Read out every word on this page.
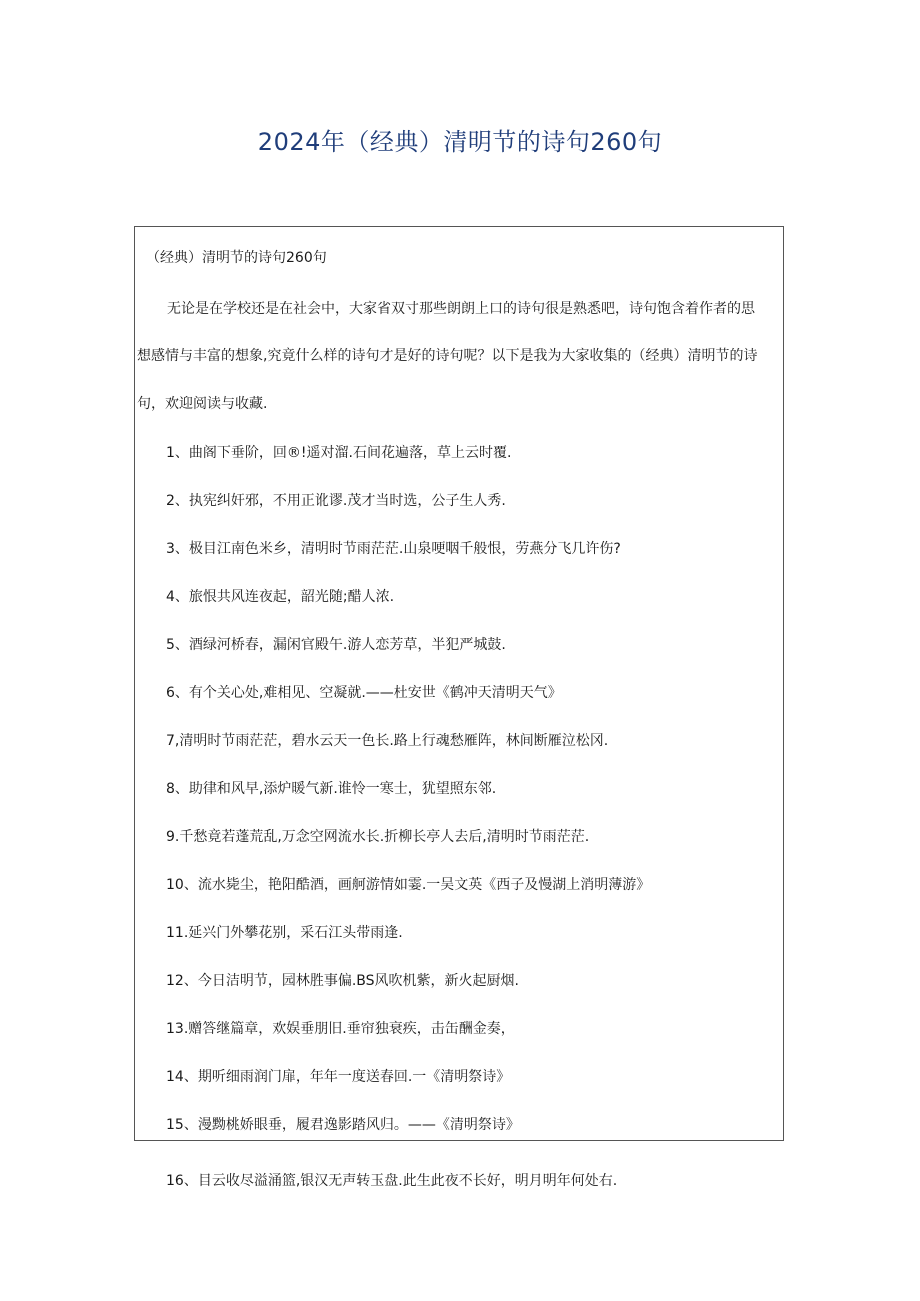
2024年（经典）清明节的诗句260句
（经典）清明节的诗句260句
无论是在学校还是在社会中，大家省双寸那些朗朗上口的诗句很是熟悉吧，诗句饱含着作者的思
想感情与丰富的想象,究竟什么样的诗句才是好的诗句呢？以下是我为大家收集的（经典）清明节的诗
句，欢迎阅读与收藏.
1、曲阁下垂阶，回®!遥对溜.石间花遍落，草上云时覆.
2、执宪纠奸邪，不用正讹谬.茂才当时选，公子生人秀.
3、极目江南色米乡，清明时节雨茫茫.山泉哽咽千般恨，劳燕分飞几许伤?
4、旅恨共风连夜起，韶光随;醋人浓.
5、酒绿河桥春，漏闲官殿午.游人恋芳草，半犯严城鼓.
6、有个关心处,难相见、空凝就.——杜安世《鹤冲天清明天气》
7,清明时节雨茫茫，碧水云天一色长.路上行魂愁雁阵，林间断雁泣松冈.
8、助律和风早,添炉暖气新.谁怜一寒士，犹望照东邻.
9.千愁竟若蓬荒乱,万念空网流水长.折柳长亭人去后,清明时节雨茫茫.
10、流水毙尘，艳阳酷酒，画舸游情如霎.一吴文英《西子及慢湖上消明薄游》
11.延兴门外攀花别，采石江头带雨逢.
12、今日洁明节，园林胜事偏.BS风吹机紫，新火起厨烟.
13.赠答继篇章，欢娱垂朋旧.垂帘独衰疾，击缶酬金奏，
14、期听细雨润门扉，年年一度送春回.一《清明祭诗》
15、漫黝桃娇眼垂，履君逸影踏风归。——《清明祭诗》
16、目云收尽溢涌篮,银汉无声转玉盘.此生此夜不长好，明月明年何处右.
